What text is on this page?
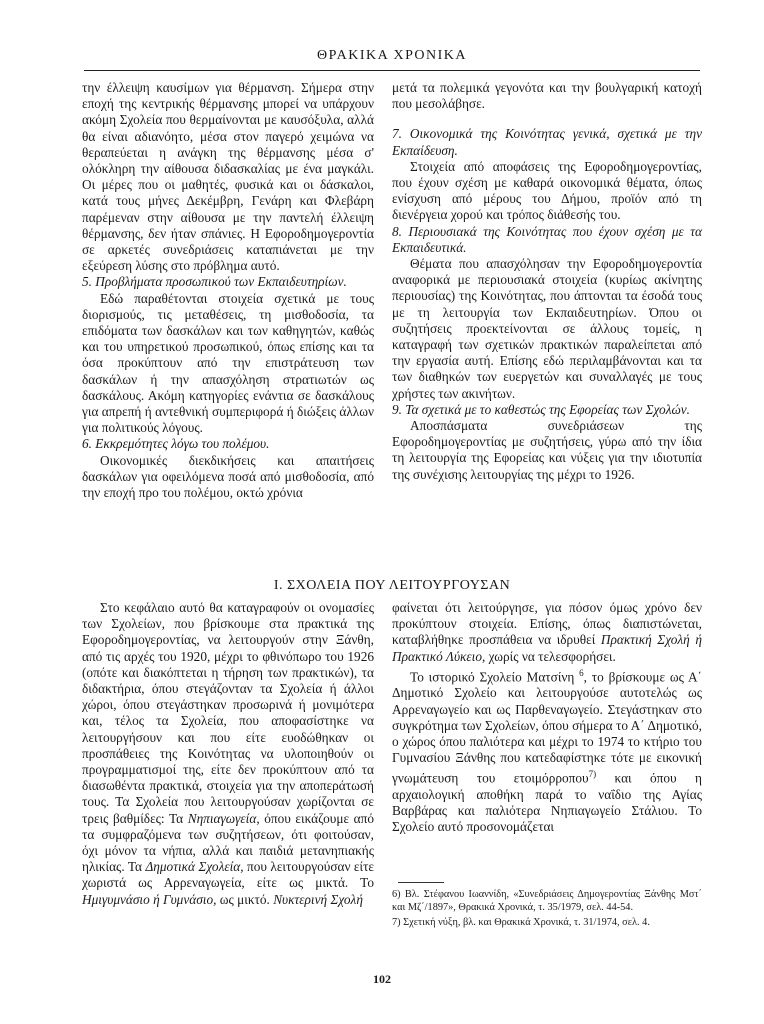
ΘΡΑΚΙΚΑ ΧΡΟΝΙΚΑ

την έλλειψη καυσίμων για θέρμανση. Σήμερα στην εποχή της κεντρικής θέρμανσης μπορεί να υπάρχουν ακόμη Σχολεία που θερμαίνονται με καυσόξυλα, αλλά θα είναι αδιανόητο, μέσα στον παγερό χειμώνα να θεραπεύεται η ανάγκη της θέρμανσης μέσα σ' ολόκληρη την αίθουσα διδασκαλίας με ένα μαγκάλι. Οι μέρες που οι μαθητές, φυσικά και οι δάσκαλοι, κατά τους μήνες Δεκέμβρη, Γενάρη και Φλεβάρη παρέμεναν στην αίθουσα με την παντελή έλλειψη θέρμανσης, δεν ήταν σπάνιες. Η Εφοροδημογεροντία σε αρκετές συνεδριάσεις καταπιάνεται με την εξεύρεση λύσης στο πρόβλημα αυτό.

5. Προβλήματα προσωπικού των Εκπαιδευτηρίων.

Εδώ παραθέτονται στοιχεία σχετικά με τους διορισμούς, τις μεταθέσεις, τη μισθοδοσία, τα επιδόματα των δασκάλων και των καθηγητών, καθώς και του υπηρετικού προσωπικού, όπως επίσης και τα όσα προκύπτουν από την επιστράτευση των δασκάλων ή την απασχόληση στρατιωτών ως δασκάλους. Ακόμη κατηγορίες ενάντια σε δασκάλους για απρεπή ή αντεθνική συμπεριφορά ή διώξεις άλλων για πολιτικούς λόγους.

6. Εκκρεμότητες λόγω του πολέμου.

Οικονομικές διεκδικήσεις και απαιτήσεις δασκάλων για οφειλόμενα ποσά από μισθοδοσία, από την εποχή προ του πολέμου, οκτώ χρόνια

μετά τα πολεμικά γεγονότα και την βουλγαρική κατοχή που μεσολάβησε.

7. Οικονομικά της Κοινότητας γενικά, σχετικά με την Εκπαίδευση.

Στοιχεία από αποφάσεις της Εφοροδημογεροντίας, που έχουν σχέση με καθαρά οικονομικά θέματα, όπως ενίσχυση από μέρους του Δήμου, προϊόν από τη διενέργεια χορού και τρόπος διάθεσής του.

8. Περιουσιακά της Κοινότητας που έχουν σχέση με τα Εκπαιδευτικά.

Θέματα που απασχόλησαν την Εφοροδημογεροντία αναφορικά με περιουσιακά στοιχεία (κυρίως ακίνητης περιουσίας) της Κοινότητας, που άπτονται τα έσοδά τους με τη λειτουργία των Εκπαιδευτηρίων. Όπου οι συζητήσεις προεκτείνονται σε άλλους τομείς, η καταγραφή των σχετικών πρακτικών παραλείπεται από την εργασία αυτή. Επίσης εδώ περιλαμβάνονται και τα των διαθηκών των ευεργετών και συναλλαγές με τους χρήστες των ακινήτων.

9. Τα σχετικά με το καθεστώς της Εφορείας των Σχολών.

Αποσπάσματα συνεδριάσεων της Εφοροδημογεροντίας με συζητήσεις, γύρω από την ίδια τη λειτουργία της Εφορείας και νύξεις για την ιδιοτυπία της συνέχισης λειτουργίας της μέχρι το 1926.

Ι. ΣΧΟΛΕΙΑ ΠΟΥ ΛΕΙΤΟΥΡΓΟΥΣΑΝ

Στο κεφάλαιο αυτό θα καταγραφούν οι ονομασίες των Σχολείων, που βρίσκουμε στα πρακτικά της Εφοροδημογεροντίας, να λειτουργούν στην Ξάνθη, από τις αρχές του 1920, μέχρι το φθινόπωρο του 1926 (οπότε και διακόπτεται η τήρηση των πρακτικών), τα διδακτήρια, όπου στεγάζονταν τα Σχολεία ή άλλοι χώροι, όπου στεγάστηκαν προσωρινά ή μονιμότερα και, τέλος τα Σχολεία, που αποφασίστηκε να λειτουργήσουν και που είτε ευοδώθηκαν οι προσπάθειες της Κοινότητας να υλοποιηθούν οι προγραμματισμοί της, είτε δεν προκύπτουν από τα διασωθέντα πρακτικά, στοιχεία για την αποπεράτωσή τους. Τα Σχολεία που λειτουργούσαν χωρίζονται σε τρεις βαθμίδες: Τα Νηπιαγωγεία, όπου εικάζουμε από τα συμφραζόμενα των συζητήσεων, ότι φοιτούσαν, όχι μόνον τα νήπια, αλλά και παιδιά μετανηπιακής ηλικίας. Τα Δημοτικά Σχολεία, που λειτουργούσαν είτε χωριστά ως Αρρεναγωγεία, είτε ως μικτά. Το Ημιγυμνάσιο ή Γυμνάσιο, ως μικτό. Νυκτερινή Σχολή

φαίνεται ότι λειτούργησε, για πόσον όμως χρόνο δεν προκύπτουν στοιχεία. Επίσης, όπως διαπιστώνεται, καταβλήθηκε προσπάθεια να ιδρυθεί Πρακτική Σχολή ή Πρακτικό Λύκειο, χωρίς να τελεσφορήσει.

Το ιστορικό Σχολείο Ματσίνη $^6$, το βρίσκουμε ως Α΄ Δημοτικό Σχολείο και λειτουργούσε αυτοτελώς ως Αρρεναγωγείο και ως Παρθεναγωγείο. Στεγάστηκαν στο συγκρότημα των Σχολείων, όπου σήμερα το Α΄ Δημοτικό, ο χώρος όπου παλιότερα και μέχρι το 1974 το κτήριο του Γυμνασίου Ξάνθης που κατεδαφίστηκε τότε με εικονική γνωμάτευση του ετοιμόρροπου$^{7)}$ και όπου η αρχαιολογική αποθήκη παρά το ναΐδιο της Αγίας Βαρβάρας και παλιότερα Νηπιαγωγείο Στάλιου. Το Σχολείο αυτό προσονομάζεται

6) Βλ. Στέφανου Ιωαννίδη, «Συνεδριάσεις Δημογεροντίας Ξάνθης Μστ΄ και Μζ΄/1897», Θρακικά Χρονικά, τ. 35/1979, σελ. 44-54.

7) Σχετική νύξη, βλ. και Θρακικά Χρονικά, τ. 31/1974, σελ. 4.

102
